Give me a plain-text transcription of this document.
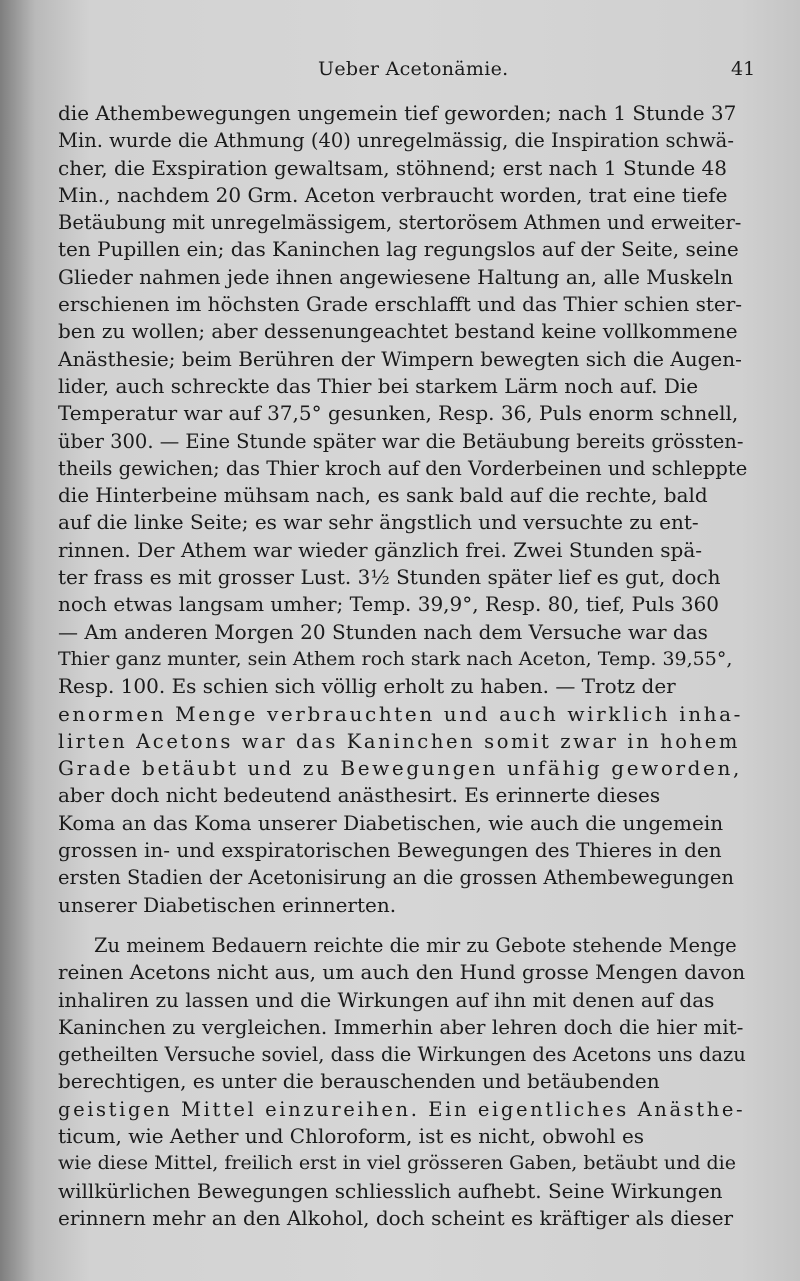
Ueber Acetonämie.	41
die Athembewegungen ungemein tief geworden; nach 1 Stunde 37
Min. wurde die Athmung (40) unregelmässig, die Inspiration schwä-
cher, die Exspiration gewaltsam, stöhnend; erst nach 1 Stunde 48
Min., nachdem 20 Grm. Aceton verbraucht worden, trat eine tiefe
Betäubung mit unregelmässigem, stertorösem Athmen und erweiter-
ten Pupillen ein; das Kaninchen lag regungslos auf der Seite, seine
Glieder nahmen jede ihnen angewiesene Haltung an, alle Muskeln
erschienen im höchsten Grade erschlafft und das Thier schien ster-
ben zu wollen; aber dessenungeachtet bestand keine vollkommene
Anästhesie; beim Berühren der Wimpern bewegten sich die Augen-
lider, auch schreckte das Thier bei starkem Lärm noch auf. Die
Temperatur war auf 37,5° gesunken, Resp. 36, Puls enorm schnell,
über 300. — Eine Stunde später war die Betäubung bereits grössten-
theils gewichen; das Thier kroch auf den Vorderbeinen und schleppte
die Hinterbeine mühsam nach, es sank bald auf die rechte, bald
auf die linke Seite; es war sehr ängstlich und versuchte zu ent-
rinnen. Der Athem war wieder gänzlich frei. Zwei Stunden spä-
ter frass es mit grosser Lust. 3½ Stunden später lief es gut, doch
noch etwas langsam umher; Temp. 39,9°, Resp. 80, tief, Puls 360
— Am anderen Morgen 20 Stunden nach dem Versuche war das
Thier ganz munter, sein Athem roch stark nach Aceton, Temp. 39,55°,
Resp. 100. Es schien sich völlig erholt zu haben. — Trotz der
enormen Menge verbrauchten und auch wirklich inha-
lirten Acetons war das Kaninchen somit zwar in hohem
Grade betäubt und zu Bewegungen unfähig geworden,
aber doch nicht bedeutend anästhesirt. Es erinnerte dieses
Koma an das Koma unserer Diabetischen, wie auch die ungemein
grossen in- und exspiratorischen Bewegungen des Thieres in den
ersten Stadien der Acetonisirung an die grossen Athembewegungen
unserer Diabetischen erinnerten.
Zu meinem Bedauern reichte die mir zu Gebote stehende Menge
reinen Acetons nicht aus, um auch den Hund grosse Mengen davon
inhaliren zu lassen und die Wirkungen auf ihn mit denen auf das
Kaninchen zu vergleichen. Immerhin aber lehren doch die hier mit-
getheilten Versuche soviel, dass die Wirkungen des Acetons uns dazu
berechtigen, es unter die berauschenden und betäubenden
geistigen Mittel einzureihen. Ein eigentliches Anästhe-
ticum, wie Aether und Chloroform, ist es nicht, obwohl es
wie diese Mittel, freilich erst in viel grösseren Gaben, betäubt und die
willkürlichen Bewegungen schliesslich aufhebt. Seine Wirkungen
erinnern mehr an den Alkohol, doch scheint es kräftiger als dieser
